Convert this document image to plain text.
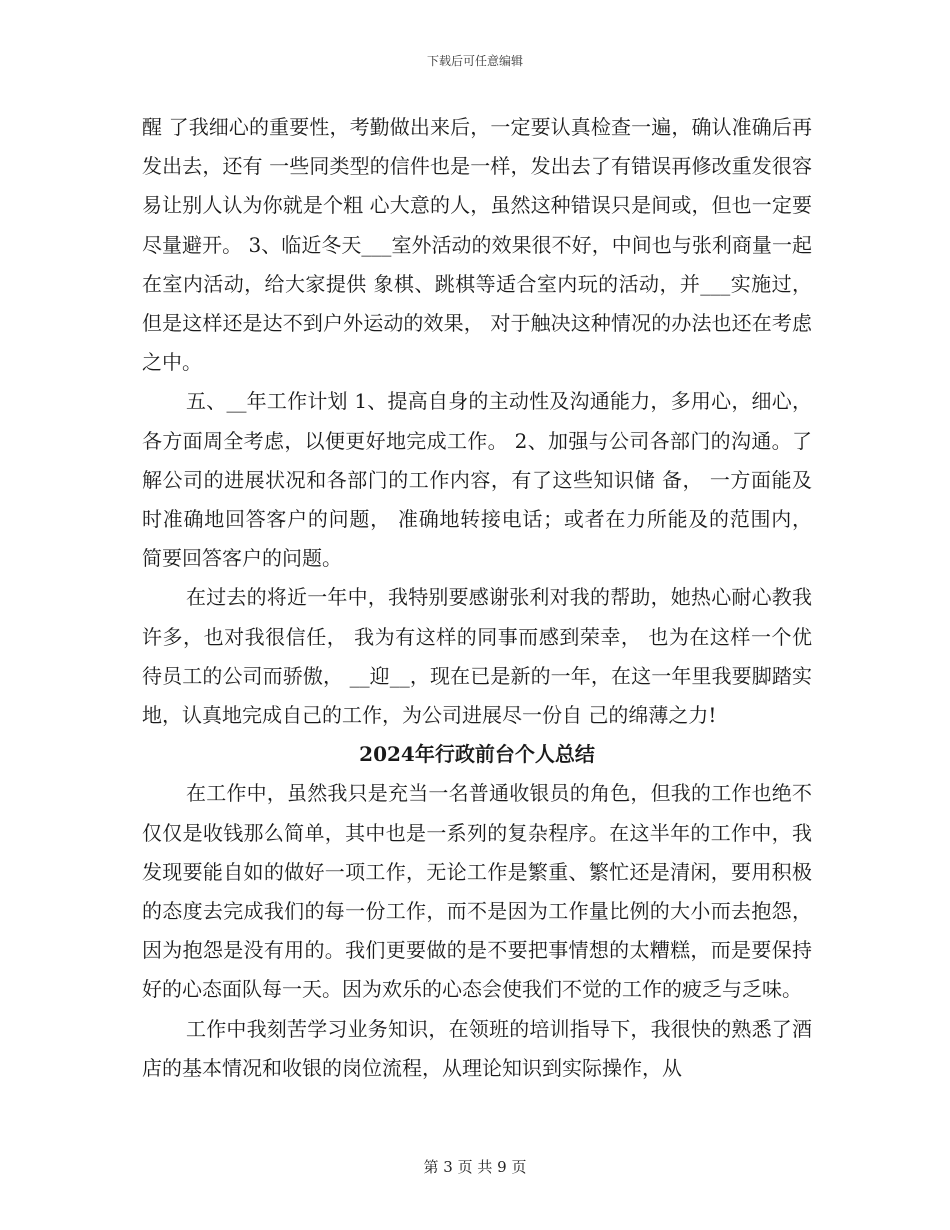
下载后可任意编辑

醒 了我细心的重要性，考勤做出来后，一定要认真检查一遍，确认准确后再发出去，还有 一些同类型的信件也是一样，发出去了有错误再修改重发很容易让别人认为你就是个粗 心大意的人，虽然这种错误只是间或，但也一定要尽量避开。 3、临近冬天___室外活动的效果很不好，中间也与张利商量一起在室内活动，给大家提供 象棋、跳棋等适合室内玩的活动，并___实施过，但是这样还是达不到户外运动的效果， 对于触决这种情况的办法也还在考虑之中。

五、__年工作计划 1、提高自身的主动性及沟通能力，多用心，细心，各方面周全考虑，以便更好地完成工作。 2、加强与公司各部门的沟通。了解公司的进展状况和各部门的工作内容，有了这些知识储 备， 一方面能及时准确地回答客户的问题， 准确地转接电话；或者在力所能及的范围内， 简要回答客户的问题。

在过去的将近一年中，我特别要感谢张利对我的帮助，她热心耐心教我许多，也对我很信任， 我为有这样的同事而感到荣幸， 也为在这样一个优待员工的公司而骄傲， __迎__，现在已是新的一年，在这一年里我要脚踏实地，认真地完成自己的工作，为公司进展尽一份自 己的绵薄之力!

2024年行政前台个人总结

在工作中，虽然我只是充当一名普通收银员的角色，但我的工作也绝不仅仅是收钱那么简单，其中也是一系列的复杂程序。在这半年的工作中，我发现要能自如的做好一项工作，无论工作是繁重、繁忙还是清闲，要用积极的态度去完成我们的每一份工作，而不是因为工作量比例的大小而去抱怨，因为抱怨是没有用的。我们更要做的是不要把事情想的太糟糕，而是要保持好的心态面队每一天。因为欢乐的心态会使我们不觉的工作的疲乏与乏味。

工作中我刻苦学习业务知识，在领班的培训指导下，我很快的熟悉了酒店的基本情况和收银的岗位流程，从理论知识到实际操作，从

第 3 页 共 9 页
